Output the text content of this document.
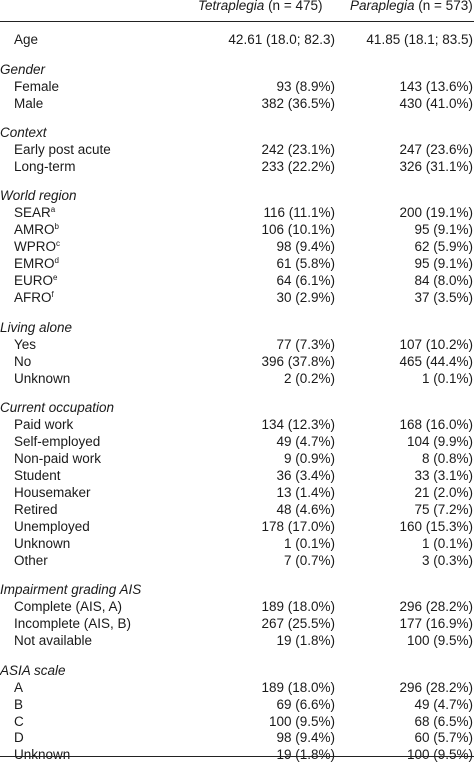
Tetraplegia (n = 475) Paraplegia (n = 573)
Age	42.61 (18.0; 82.3) 41.85 (18.1; 83.5)
Gender
Female	93 (8.9%)	143 (13.6%)
Male	382 (36.5%)	430 (41.0%)
Context
Early post acute	242 (23.1%)	247 (23.6%)
Long-term	233 (22.2%)	326 (31.1%)
World region
SEAR$^a$	116 (11.1%)	200 (19.1%)
AMRO$^b$	106 (10.1%)	95 (9.1%)
WPRO$^c$	98 (9.4%)	62 (5.9%)
EMRO$^d$	61 (5.8%)	95 (9.1%)
EURO$^e$	64 (6.1%)	84 (8.0%)
AFRO$^f$	30 (2.9%)	37 (3.5%)
Living alone
Yes	77 (7.3%)	107 (10.2%)
No	396 (37.8%)	465 (44.4%)
Unknown	2 (0.2%)	1 (0.1%)
Current occupation
Paid work	134 (12.3%)	168 (16.0%)
Self-employed	49 (4.7%)	104 (9.9%)
Non-paid work	9 (0.9%)	8 (0.8%)
Student	36 (3.4%)	33 (3.1%)
Housemaker	13 (1.4%)	21 (2.0%)
Retired	48 (4.6%)	75 (7.2%)
Unemployed	178 (17.0%)	160 (15.3%)
Unknown	1 (0.1%)	1 (0.1%)
Other	7 (0.7%)	3 (0.3%)
Impairment grading AIS
Complete (AIS, A)	189 (18.0%)	296 (28.2%)
Incomplete (AIS, B)	267 (25.5%)	177 (16.9%)
Not available	19 (1.8%)	100 (9.5%)
ASIA scale
A	189 (18.0%)	296 (28.2%)
B	69 (6.6%)	49 (4.7%)
C	100 (9.5%)	68 (6.5%)
D	98 (9.4%)	60 (5.7%)
Unknown	19 (1.8%)	100 (9.5%)
